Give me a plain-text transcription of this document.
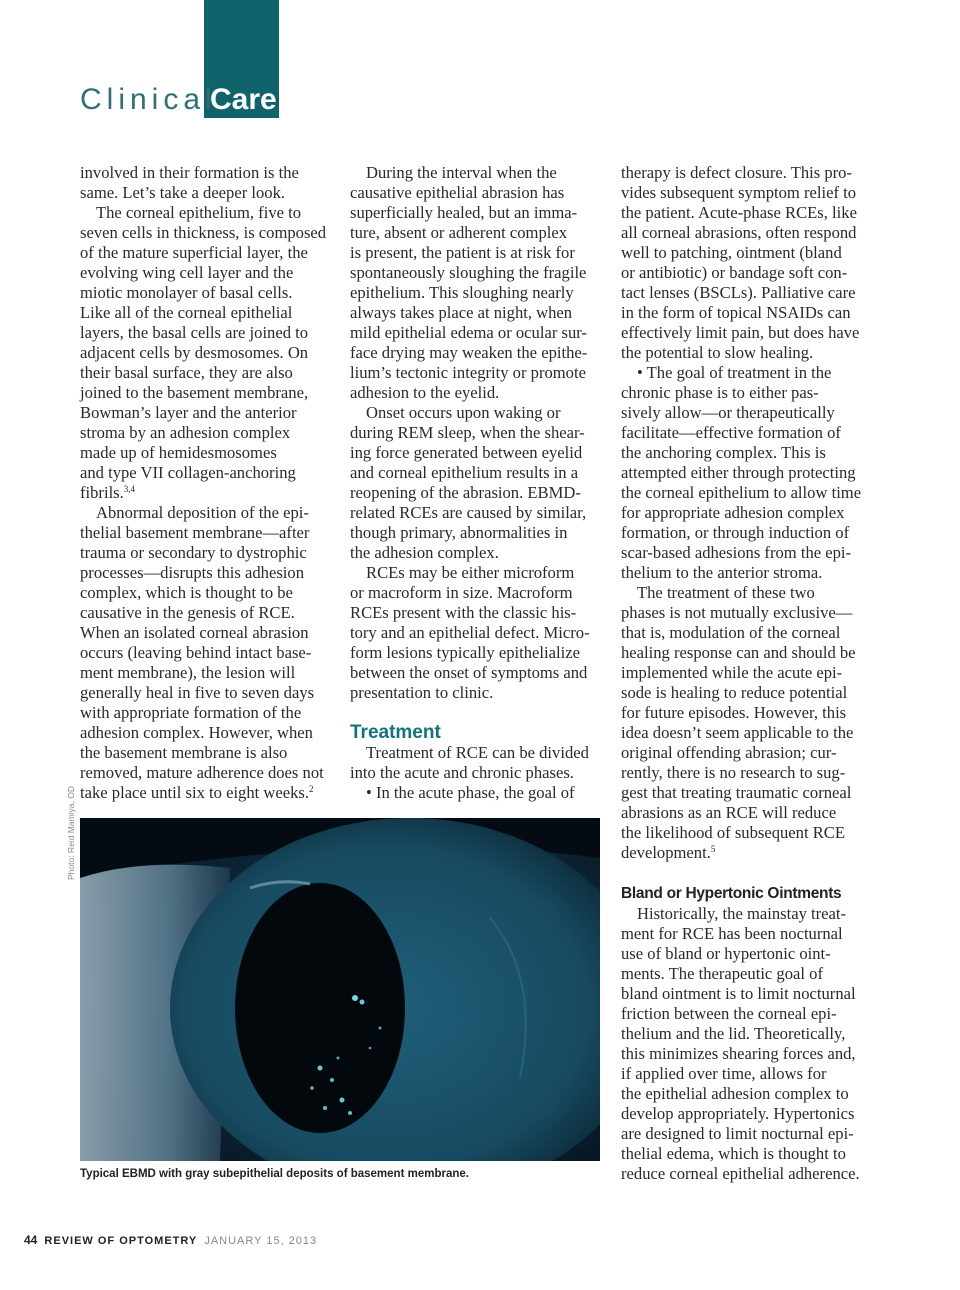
Clinical
Care
involved in their formation is the
same. Let’s take a deeper look.
The corneal epithelium, five to
seven cells in thickness, is composed
of the mature superficial layer, the
evolving wing cell layer and the
miotic monolayer of basal cells.
Like all of the corneal epithelial
layers, the basal cells are joined to
adjacent cells by desmosomes. On
their basal surface, they are also
joined to the basement membrane,
Bowman’s layer and the anterior
stroma by an adhesion complex
made up of hemidesmosomes
and type VII collagen-anchoring
fibrils.$^{3,4}$
Abnormal deposition of the epi-
thelial basement membrane—after
trauma or secondary to dystrophic
processes—disrupts this adhesion
complex, which is thought to be
causative in the genesis of RCE.
When an isolated corneal abrasion
occurs (leaving behind intact base-
ment membrane), the lesion will
generally heal in five to seven days
with appropriate formation of the
adhesion complex. However, when
the basement membrane is also
removed, mature adherence does not
take place until six to eight weeks.$^2$
During the interval when the
causative epithelial abrasion has
superficially healed, but an imma-
ture, absent or adherent complex
is present, the patient is at risk for
spontaneously sloughing the fragile
epithelium. This sloughing nearly
always takes place at night, when
mild epithelial edema or ocular sur-
face drying may weaken the epithe-
lium’s tectonic integrity or promote
adhesion to the eyelid.
Onset occurs upon waking or
during REM sleep, when the shear-
ing force generated between eyelid
and corneal epithelium results in a
reopening of the abrasion. EBMD-
related RCEs are caused by similar,
though primary, abnormalities in
the adhesion complex.
RCEs may be either microform
or macroform in size. Macroform
RCEs present with the classic his-
tory and an epithelial defect. Micro-
form lesions typically epithelialize
between the onset of symptoms and
presentation to clinic.
Treatment
Treatment of RCE can be divided
into the acute and chronic phases.
• In the acute phase, the goal of
therapy is defect closure. This pro-
vides subsequent symptom relief to
the patient. Acute-phase RCEs, like
all corneal abrasions, often respond
well to patching, ointment (bland
or antibiotic) or bandage soft con-
tact lenses (BSCLs). Palliative care
in the form of topical NSAIDs can
effectively limit pain, but does have
the potential to slow healing.
• The goal of treatment in the
chronic phase is to either pas-
sively allow—or therapeutically
facilitate—effective formation of
the anchoring complex. This is
attempted either through protecting
the corneal epithelium to allow time
for appropriate adhesion complex
formation, or through induction of
scar-based adhesions from the epi-
thelium to the anterior stroma.
The treatment of these two
phases is not mutually exclusive—
that is, modulation of the corneal
healing response can and should be
implemented while the acute epi-
sode is healing to reduce potential
for future episodes. However, this
idea doesn’t seem applicable to the
original offending abrasion; cur-
rently, there is no research to sug-
gest that treating traumatic corneal
abrasions as an RCE will reduce
the likelihood of subsequent RCE
development.$^5$
Bland or Hypertonic Ointments
Historically, the mainstay treat-
ment for RCE has been nocturnal
use of bland or hypertonic oint-
ments. The therapeutic goal of
bland ointment is to limit nocturnal
friction between the corneal epi-
thelium and the lid. Theoretically,
this minimizes shearing forces and,
if applied over time, allows for
the epithelial adhesion complex to
develop appropriately. Hypertonics
are designed to limit nocturnal epi-
thelial edema, which is thought to
reduce corneal epithelial adherence.
Photo: Reid Mamiya, OD
Typical EBMD with gray subepithelial deposits of basement membrane.
44 REVIEW OF OPTOMETRY JANUARY 15, 2013
